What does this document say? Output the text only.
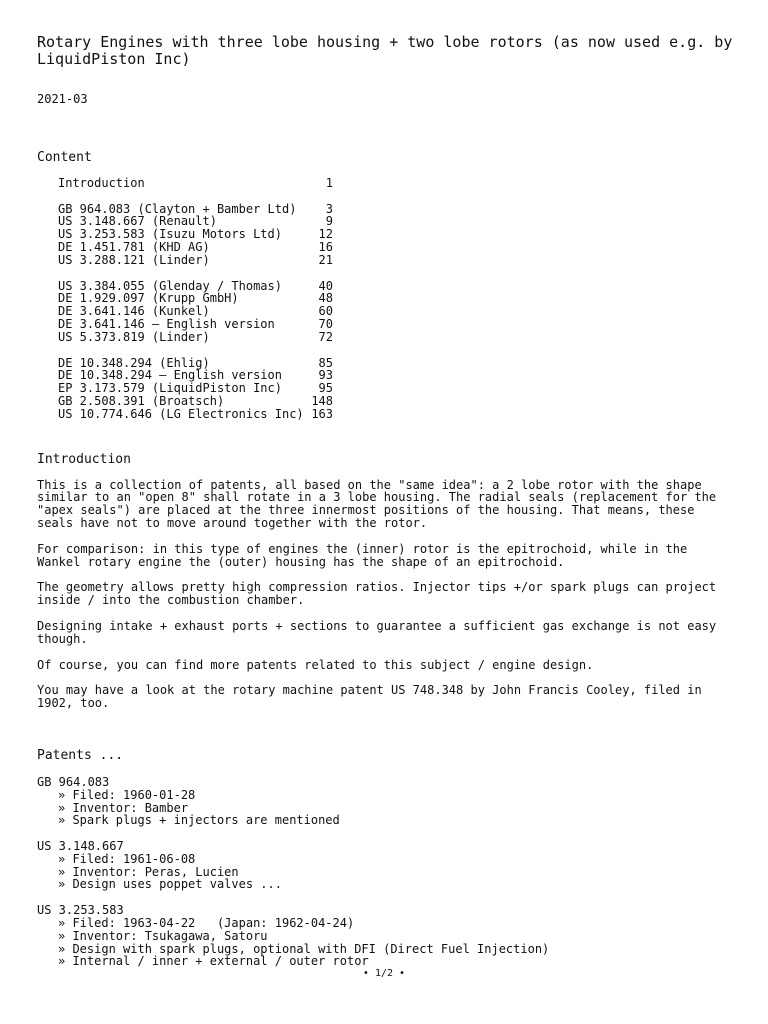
Rotary Engines with three lobe housing + two lobe rotors (as now used e.g. by LiquidPiston Inc)
2021-03
Content
Introduction	1
GB 964.083 (Clayton + Bamber Ltd) 3
US 3.148.667 (Renault)	9
US 3.253.583 (Isuzu Motors Ltd)	12
DE 1.451.781 (KHD AG)	16
US 3.288.121 (Linder)	21
US 3.384.055 (Glenday / Thomas)	40
DE 1.929.097 (Krupp GmbH)	48
DE 3.641.146 (Kunkel)	60
DE 3.641.146 – English version	70
US 5.373.819 (Linder)	72
DE 10.348.294 (Ehlig)	85
DE 10.348.294 – English version	93
EP 3.173.579 (LiquidPiston Inc)	95
GB 2.508.391 (Broatsch)	148
US 10.774.646 (LG Electronics Inc) 163
Introduction
This is a collection of patents, all based on the "same idea": a 2 lobe rotor with the shape similar to an "open 8" shall rotate in a 3 lobe housing. The radial seals (replacement for the "apex seals") are placed at the three innermost positions of the housing. That means, these seals have not to move around together with the rotor.
For comparison: in this type of engines the (inner) rotor is the epitrochoid, while in the Wankel rotary engine the (outer) housing has the shape of an epitrochoid.
The geometry allows pretty high compression ratios. Injector tips +/or spark plugs can project inside / into the combustion chamber.
Designing intake + exhaust ports + sections to guarantee a sufficient gas exchange is not easy though.
Of course, you can find more patents related to this subject / engine design.
You may have a look at the rotary machine patent US 748.348 by John Francis Cooley, filed in 1902, too.
Patents ...
GB 964.083
» Filed: 1960-01-28
» Inventor: Bamber
» Spark plugs + injectors are mentioned
US 3.148.667
» Filed: 1961-06-08
» Inventor: Peras, Lucien
» Design uses poppet valves ...
US 3.253.583
» Filed: 1963-04-22   (Japan: 1962-04-24)
» Inventor: Tsukagawa, Satoru
» Design with spark plugs, optional with DFI (Direct Fuel Injection)
» Internal / inner + external / outer rotor
• 1/2 •
